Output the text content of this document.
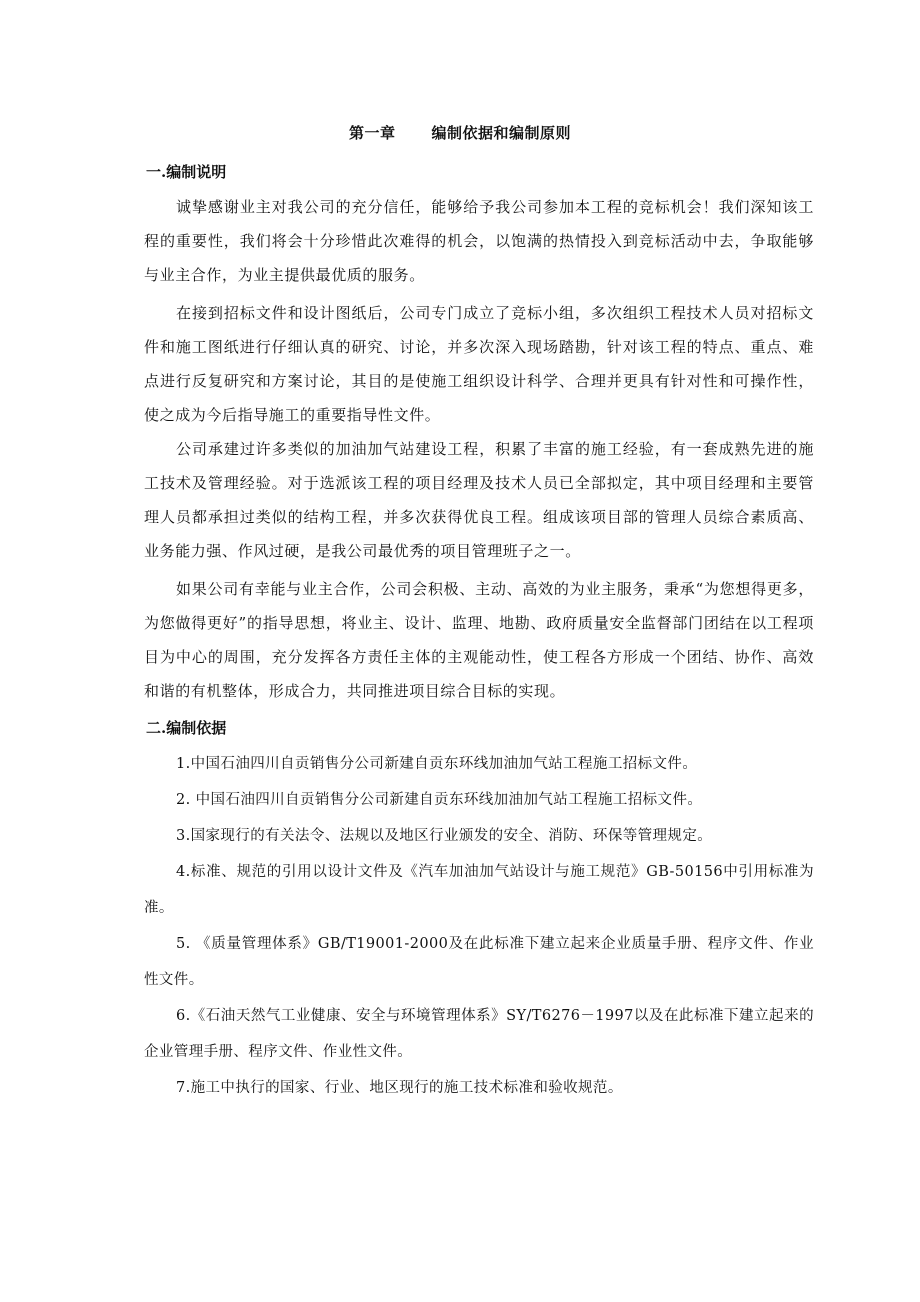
第一章 编制依据和编制原则
一.编制说明

诚挚感谢业主对我公司的充分信任，能够给予我公司参加本工程的竞标机会！我们深知该工程的重要性，我们将会十分珍惜此次难得的机会，以饱满的热情投入到竞标活动中去，争取能够与业主合作，为业主提供最优质的服务。

在接到招标文件和设计图纸后，公司专门成立了竞标小组，多次组织工程技术人员对招标文件和施工图纸进行仔细认真的研究、讨论，并多次深入现场踏勘，针对该工程的特点、重点、难点进行反复研究和方案讨论，其目的是使施工组织设计科学、合理并更具有针对性和可操作性，使之成为今后指导施工的重要指导性文件。

公司承建过许多类似的加油加气站建设工程，积累了丰富的施工经验，有一套成熟先进的施工技术及管理经验。对于选派该工程的项目经理及技术人员已全部拟定，其中项目经理和主要管理人员都承担过类似的结构工程，并多次获得优良工程。组成该项目部的管理人员综合素质高、业务能力强、作风过硬，是我公司最优秀的项目管理班子之一。

如果公司有幸能与业主合作，公司会积极、主动、高效的为业主服务，秉承“为您想得更多，为您做得更好”的指导思想，将业主、设计、监理、地勘、政府质量安全监督部门团结在以工程项目为中心的周围，充分发挥各方责任主体的主观能动性，使工程各方形成一个团结、协作、高效和谐的有机整体，形成合力，共同推进项目综合目标的实现。

二.编制依据

1.中国石油四川自贡销售分公司新建自贡东环线加油加气站工程施工招标文件。

2. 中国石油四川自贡销售分公司新建自贡东环线加油加气站工程施工招标文件。

3.国家现行的有关法令、法规以及地区行业颁发的安全、消防、环保等管理规定。

4.标准、规范的引用以设计文件及《汽车加油加气站设计与施工规范》GB-50156中引用标准为准。

5. 《质量管理体系》GB/T19001-2000及在此标准下建立起来企业质量手册、程序文件、作业性文件。

6.《石油天然气工业健康、安全与环境管理体系》SY/T6276－1997以及在此标准下建立起来的企业管理手册、程序文件、作业性文件。

7.施工中执行的国家、行业、地区现行的施工技术标准和验收规范。
